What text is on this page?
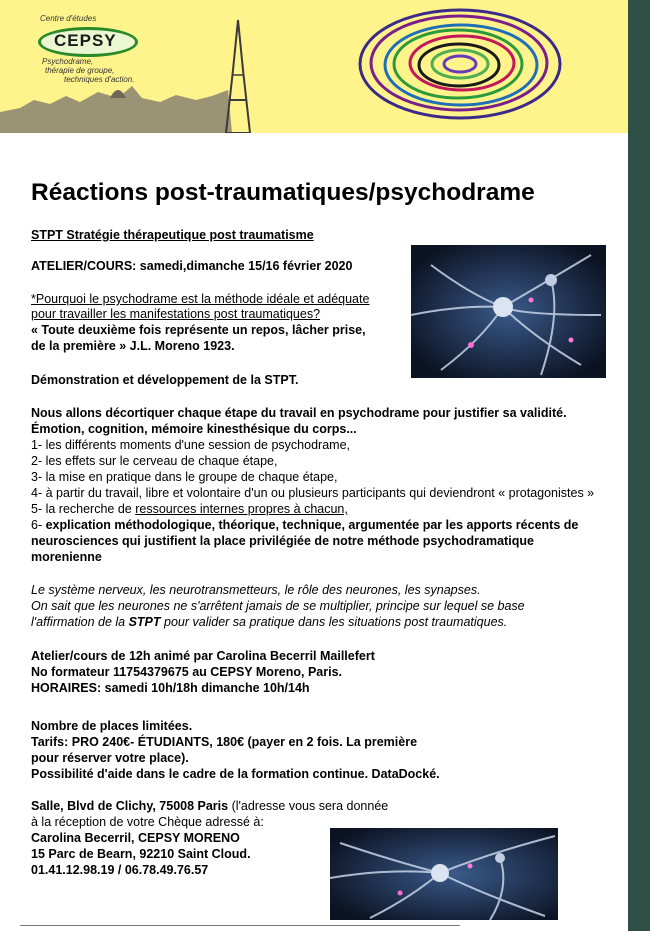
Centre d'études
CEPSY
Psychodrame,
thérapie de groupe,
techniques d'action.
Réactions post-traumatiques/psychodrame
STPT Stratégie thérapeutique post traumatisme
ATELIER/COURS: samedi,dimanche 15/16 février 2020
*Pourquoi le psychodrame est la méthode idéale et adéquate
pour travailler les manifestations post traumatiques?
« Toute deuxième fois représente un repos, lâcher prise,
de la première » J.L. Moreno 1923.
Démonstration et développement de la STPT.
Nous allons décortiquer chaque étape du travail en psychodrame pour justifier sa validité.
Émotion, cognition, mémoire kinesthésique du corps...
1- les différents moments d'une session de psychodrame,
2- les effets sur le cerveau de chaque étape,
3- la mise en pratique dans le groupe de chaque étape,
4- à partir du travail, libre et volontaire d'un ou plusieurs participants qui deviendront « protagonistes »
5- la recherche de ressources internes propres à chacun,
6- explication méthodologique, théorique, technique, argumentée par les apports récents de
neurosciences qui justifient la place privilégiée de notre méthode psychodramatique
morenienne
Le système nerveux, les neurotransmetteurs, le rôle des neurones, les synapses.
On sait que les neurones ne s'arrêtent jamais de se multiplier, principe sur lequel se base
l'affirmation de la STPT pour valider sa pratique dans les situations post traumatiques.
Atelier/cours de 12h animé par Carolina Becerril Maillefert
No formateur 11754379675 au CEPSY Moreno, Paris.
HORAIRES: samedi 10h/18h dimanche 10h/14h
Nombre de places limitées.
Tarifs: PRO 240€- ÉTUDIANTS, 180€ (payer en 2 fois. La première
pour réserver votre place).
Possibilité d'aide dans le cadre de la formation continue. DataDocké.
Salle, Blvd de Clichy, 75008 Paris (l'adresse vous sera donnée
à la réception de votre Chèque adressé à:
Carolina Becerril, CEPSY MORENO
15 Parc de Bearn, 92210 Saint Cloud.
01.41.12.98.19 / 06.78.49.76.57
